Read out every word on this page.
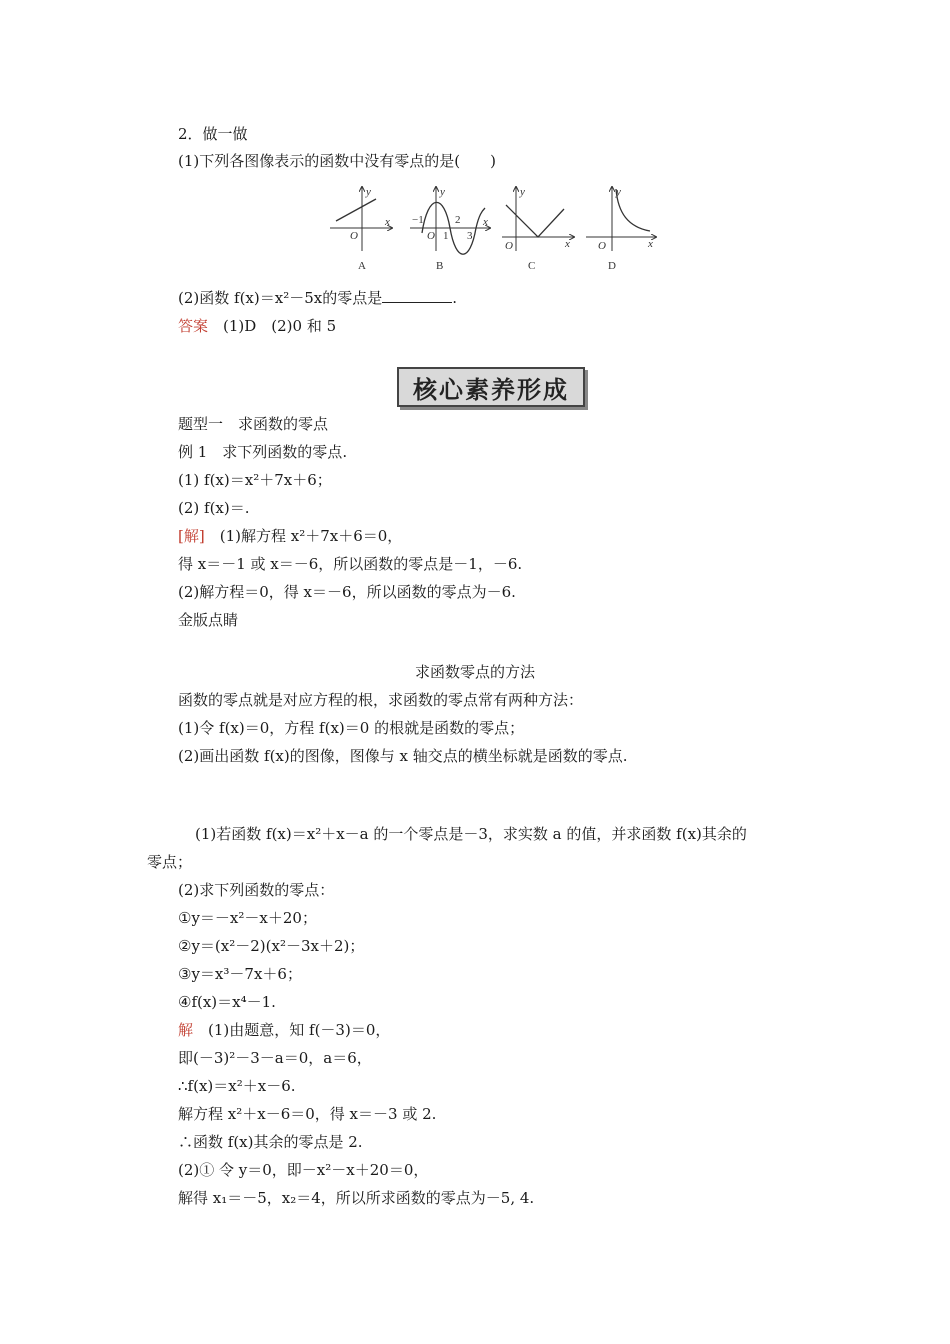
2．做一做
(1)下列各图像表示的函数中没有零点的是(　　)
y
x
O
y
x
O
−1
1
2
3
y
x
O
y
x
O
A	B	C	D
(2)函数 f(x)＝x²－5x的零点是	.
答案　(1)D　(2)0 和 5
核心素养形成
题型一　求函数的零点
例 1　求下列函数的零点.
(1) f(x)＝x²＋7x＋6；
(2) f(x)＝.
[解]　(1)解方程 x²＋7x＋6＝0，
得 x＝－1 或 x＝－6，所以函数的零点是－1，－6.
(2)解方程＝0，得 x＝－6，所以函数的零点为－6.
金版点睛
求函数零点的方法
函数的零点就是对应方程的根，求函数的零点常有两种方法：
(1)令 f(x)＝0，方程 f(x)＝0 的根就是函数的零点；
(2)画出函数 f(x)的图像，图像与 x 轴交点的横坐标就是函数的零点.
(1)若函数 f(x)＝x²＋x－a 的一个零点是－3，求实数 a 的值，并求函数 f(x)其余的
零点；
(2)求下列函数的零点：
①y＝－x²－x＋20；
②y＝(x²－2)(x²－3x＋2)；
③y＝x³－7x＋6；
④f(x)＝x⁴－1.
解　(1)由题意，知 f(－3)＝0，
即(－3)²－3－a＝0，a＝6，
∴f(x)＝x²＋x－6.
解方程 x²＋x－6＝0，得 x＝－3 或 2.
∴函数 f(x)其余的零点是 2.
(2)① 令 y＝0，即－x²－x＋20＝0，
解得 x₁＝－5，x₂＝4，所以所求函数的零点为－5, 4.
